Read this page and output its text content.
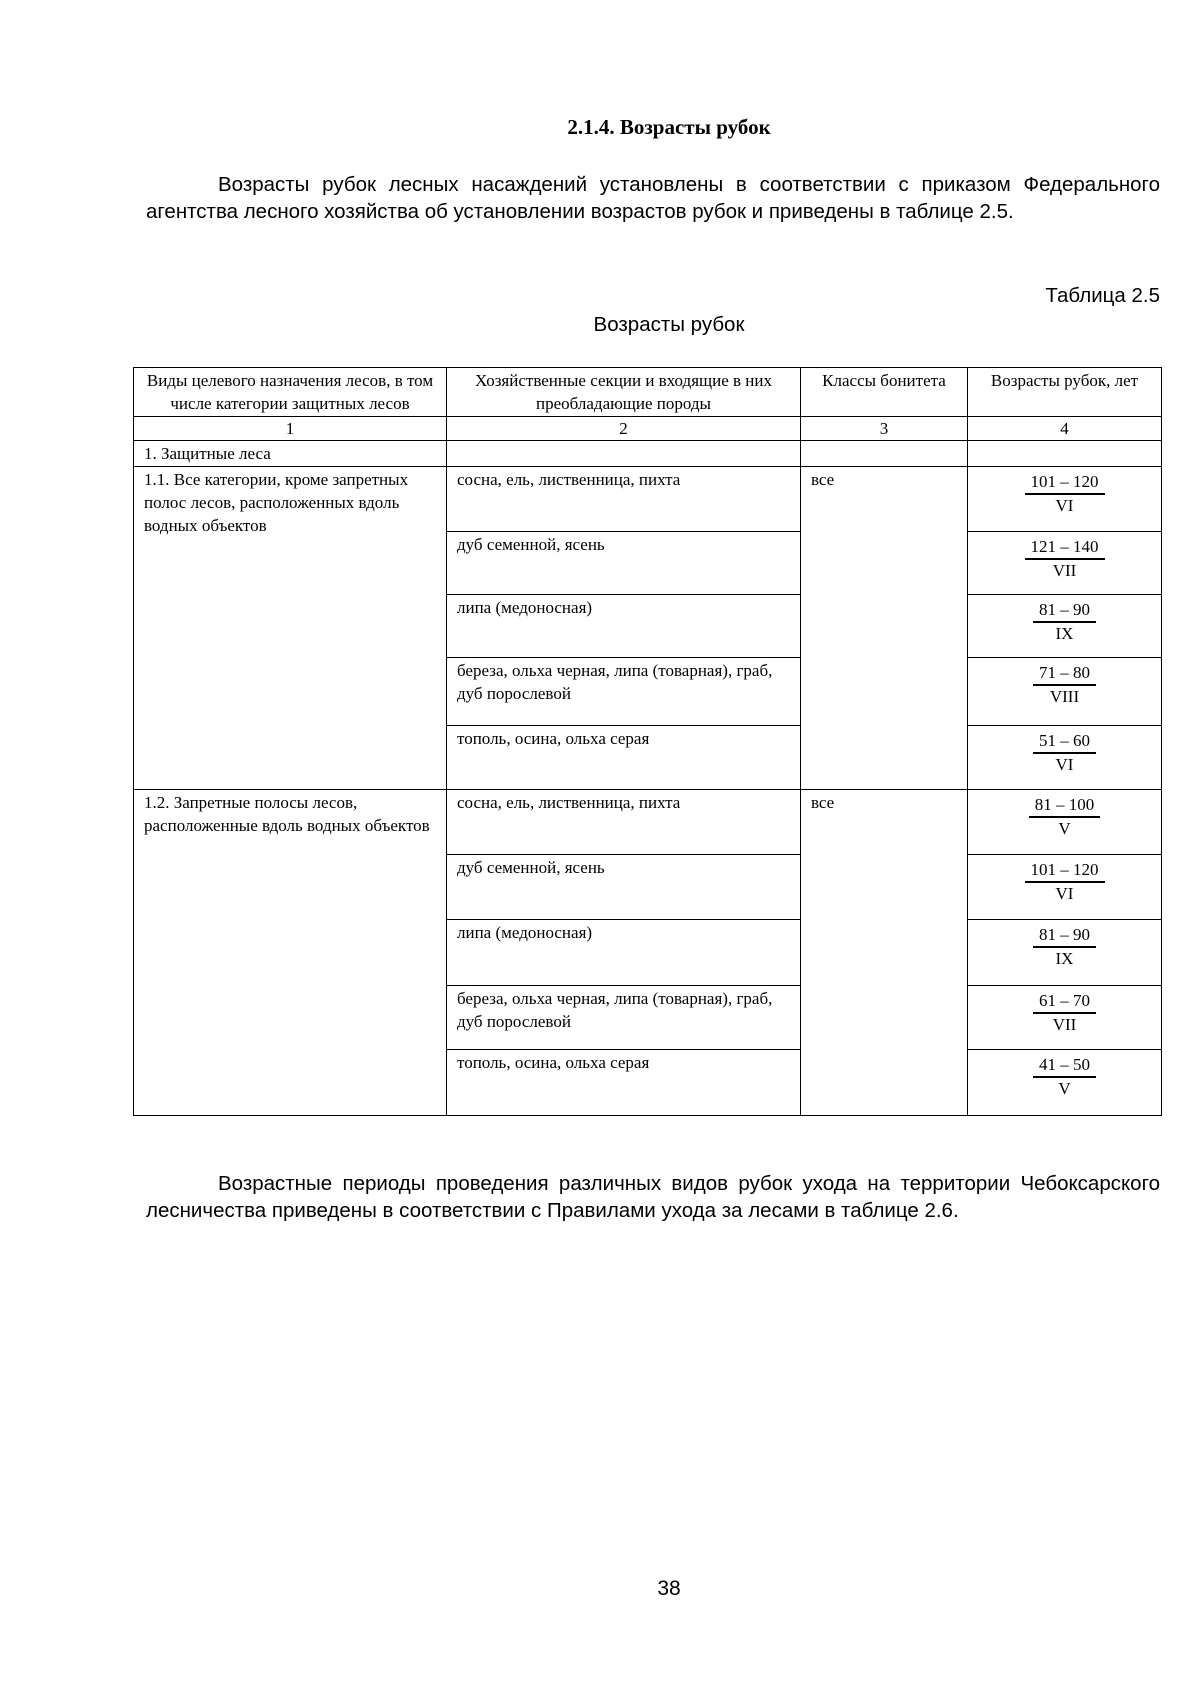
2.1.4. Возрасты рубок
Возрасты рубок лесных насаждений установлены в соответствии с приказом Федерального агентства лесного хозяйства об установлении возрастов рубок и приведены в таблице 2.5.
Таблица 2.5
Возрасты рубок
Виды целевого назначения лесов, в том числе категории защитных лесов	Хозяйственные секции и входящие в них преобладающие породы	Классы бонитета	Возрасты рубок, лет
1	2	3	4
1. Защитные леса			
1.1. Все категории, кроме запретных полос лесов, расположенных вдоль водных объектов	сосна, ель, лиственница, пихта	все	$\frac{101 - 120}{VI}$

	дуб семенной, ясень		$\frac{121 - 140}{\text{VII}}$

	липа (медоносная)		$\frac{81 - 90}{IX}$

	береза, ольха черная, липа (товарная), граб, дуб порослевой		$\frac{71 - 80}{\text{VIII}}$

	тополь, осина, ольха серая		$\frac{51 - 60}{VI}$

1.2. Запретные полосы лесов, расположенные вдоль водных объектов	сосна, ель, лиственница, пихта	все	$\frac{81 - 100}{V}$

	дуб семенной, ясень		$\frac{101 - 120}{VI}$

	липа (медоносная)		$\frac{81 - 90}{IX}$

	береза, ольха черная, липа (товарная), граб, дуб порослевой		$\frac{61 - 70}{\text{VII}}$

	тополь, осина, ольха серая		$\frac{41 - 50}{V}$
Возрастные периоды проведения различных видов рубок ухода на территории Чебоксарского лесничества приведены в соответствии с Правилами ухода за лесами в таблице 2.6.
38
